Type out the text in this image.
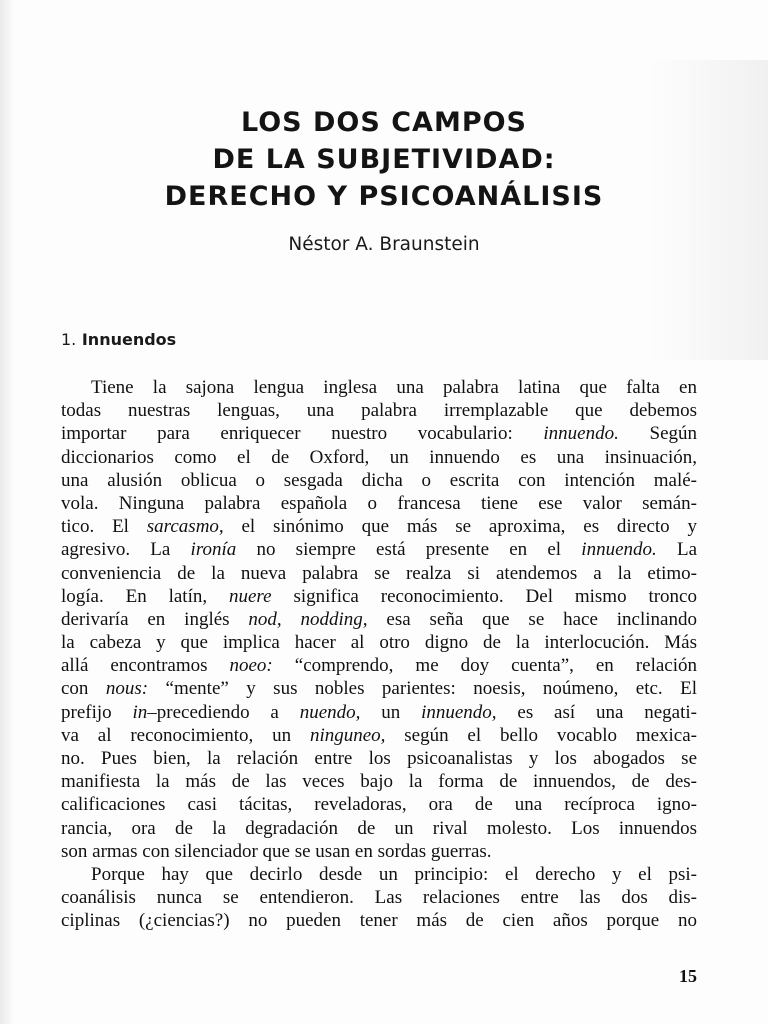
LOS DOS CAMPOS
DE LA SUBJETIVIDAD:
DERECHO Y PSICOANÁLISIS
Néstor A. Braunstein
1. Innuendos
Tiene la sajona lengua inglesa una palabra latina que falta en
todas nuestras lenguas, una palabra irremplazable que debemos
importar para enriquecer nuestro vocabulario: innuendo. Según
diccionarios como el de Oxford, un innuendo es una insinuación,
una alusión oblicua o sesgada dicha o escrita con intención malé-
vola. Ninguna palabra española o francesa tiene ese valor semán-
tico. El sarcasmo, el sinónimo que más se aproxima, es directo y
agresivo. La ironía no siempre está presente en el innuendo. La
conveniencia de la nueva palabra se realza si atendemos a la etimo-
logía. En latín, nuere significa reconocimiento. Del mismo tronco
derivaría en inglés nod, nodding, esa seña que se hace inclinando
la cabeza y que implica hacer al otro digno de la interlocución. Más
allá encontramos noeo: “comprendo, me doy cuenta”, en relación
con nous: “mente” y sus nobles parientes: noesis, noúmeno, etc. El
prefijo in–precediendo a nuendo, un innuendo, es así una negati-
va al reconocimiento, un ninguneo, según el bello vocablo mexica-
no. Pues bien, la relación entre los psicoanalistas y los abogados se
manifiesta la más de las veces bajo la forma de innuendos, de des-
calificaciones casi tácitas, reveladoras, ora de una recíproca igno-
rancia, ora de la degradación de un rival molesto. Los innuendos
son armas con silenciador que se usan en sordas guerras.
Porque hay que decirlo desde un principio: el derecho y el psi-
coanálisis nunca se entendieron. Las relaciones entre las dos dis-
ciplinas (¿ciencias?) no pueden tener más de cien años porque no
15
